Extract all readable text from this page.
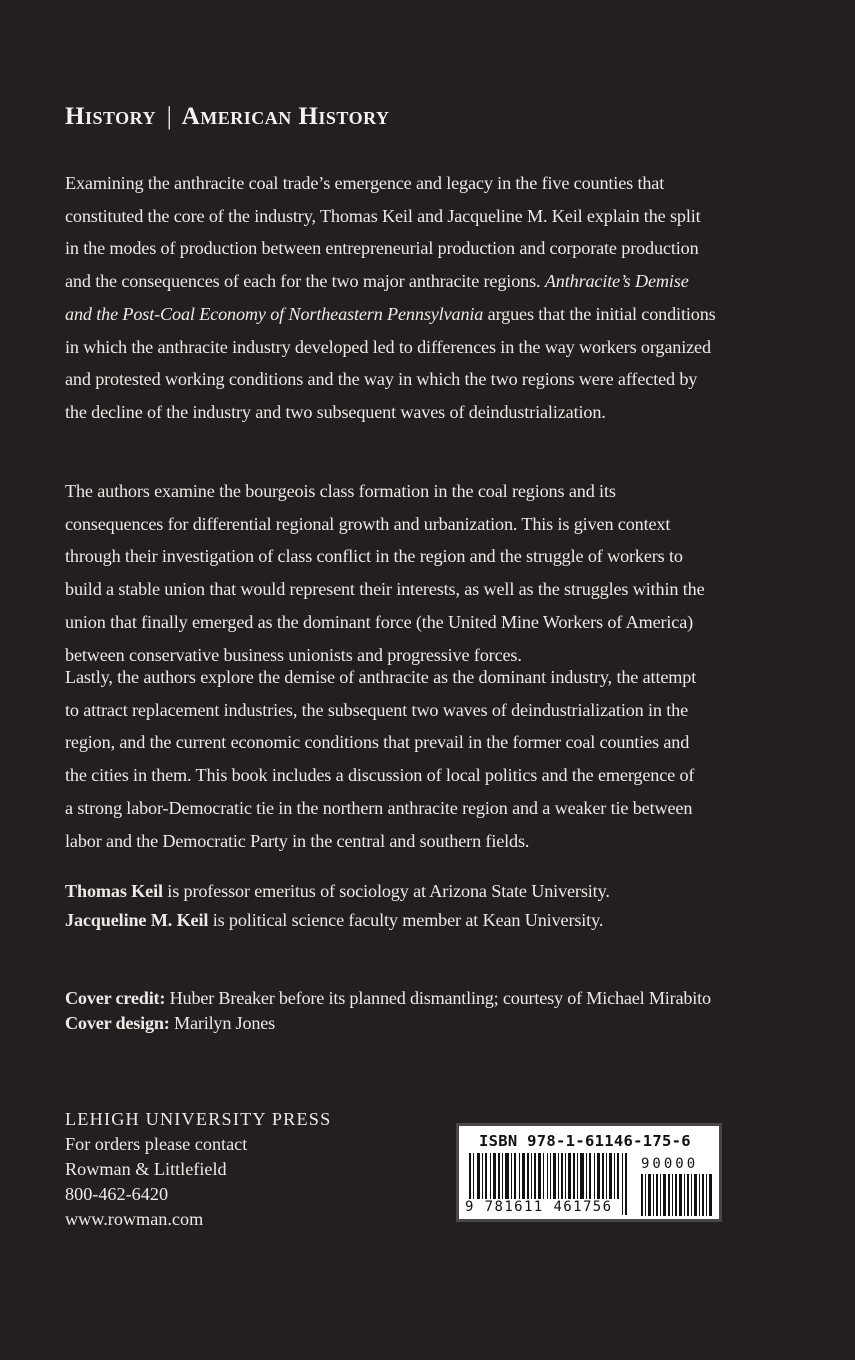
History | American History
Examining the anthracite coal trade’s emergence and legacy in the five counties that
constituted the core of the industry, Thomas Keil and Jacqueline M. Keil explain the split
in the modes of production between entrepreneurial production and corporate production
and the consequences of each for the two major anthracite regions. Anthracite’s Demise
and the Post-Coal Economy of Northeastern Pennsylvania argues that the initial conditions
in which the anthracite industry developed led to differences in the way workers organized
and protested working conditions and the way in which the two regions were affected by
the decline of the industry and two subsequent waves of deindustrialization.
The authors examine the bourgeois class formation in the coal regions and its
consequences for differential regional growth and urbanization. This is given context
through their investigation of class conflict in the region and the struggle of workers to
build a stable union that would represent their interests, as well as the struggles within the
union that finally emerged as the dominant force (the United Mine Workers of America)
between conservative business unionists and progressive forces.
Lastly, the authors explore the demise of anthracite as the dominant industry, the attempt
to attract replacement industries, the subsequent two waves of deindustrialization in the
region, and the current economic conditions that prevail in the former coal counties and
the cities in them. This book includes a discussion of local politics and the emergence of
a strong labor-Democratic tie in the northern anthracite region and a weaker tie between
labor and the Democratic Party in the central and southern fields.
Thomas Keil is professor emeritus of sociology at Arizona State University.
Jacqueline M. Keil is political science faculty member at Kean University.
Cover credit: Huber Breaker before its planned dismantling; courtesy of Michael Mirabito
Cover design: Marilyn Jones
LEHIGH UNIVERSITY PRESS
For orders please contact
Rowman & Littlefield
800-462-6420
www.rowman.com
ISBN 978-1-61146-175-6
9 781611 461756
90000
